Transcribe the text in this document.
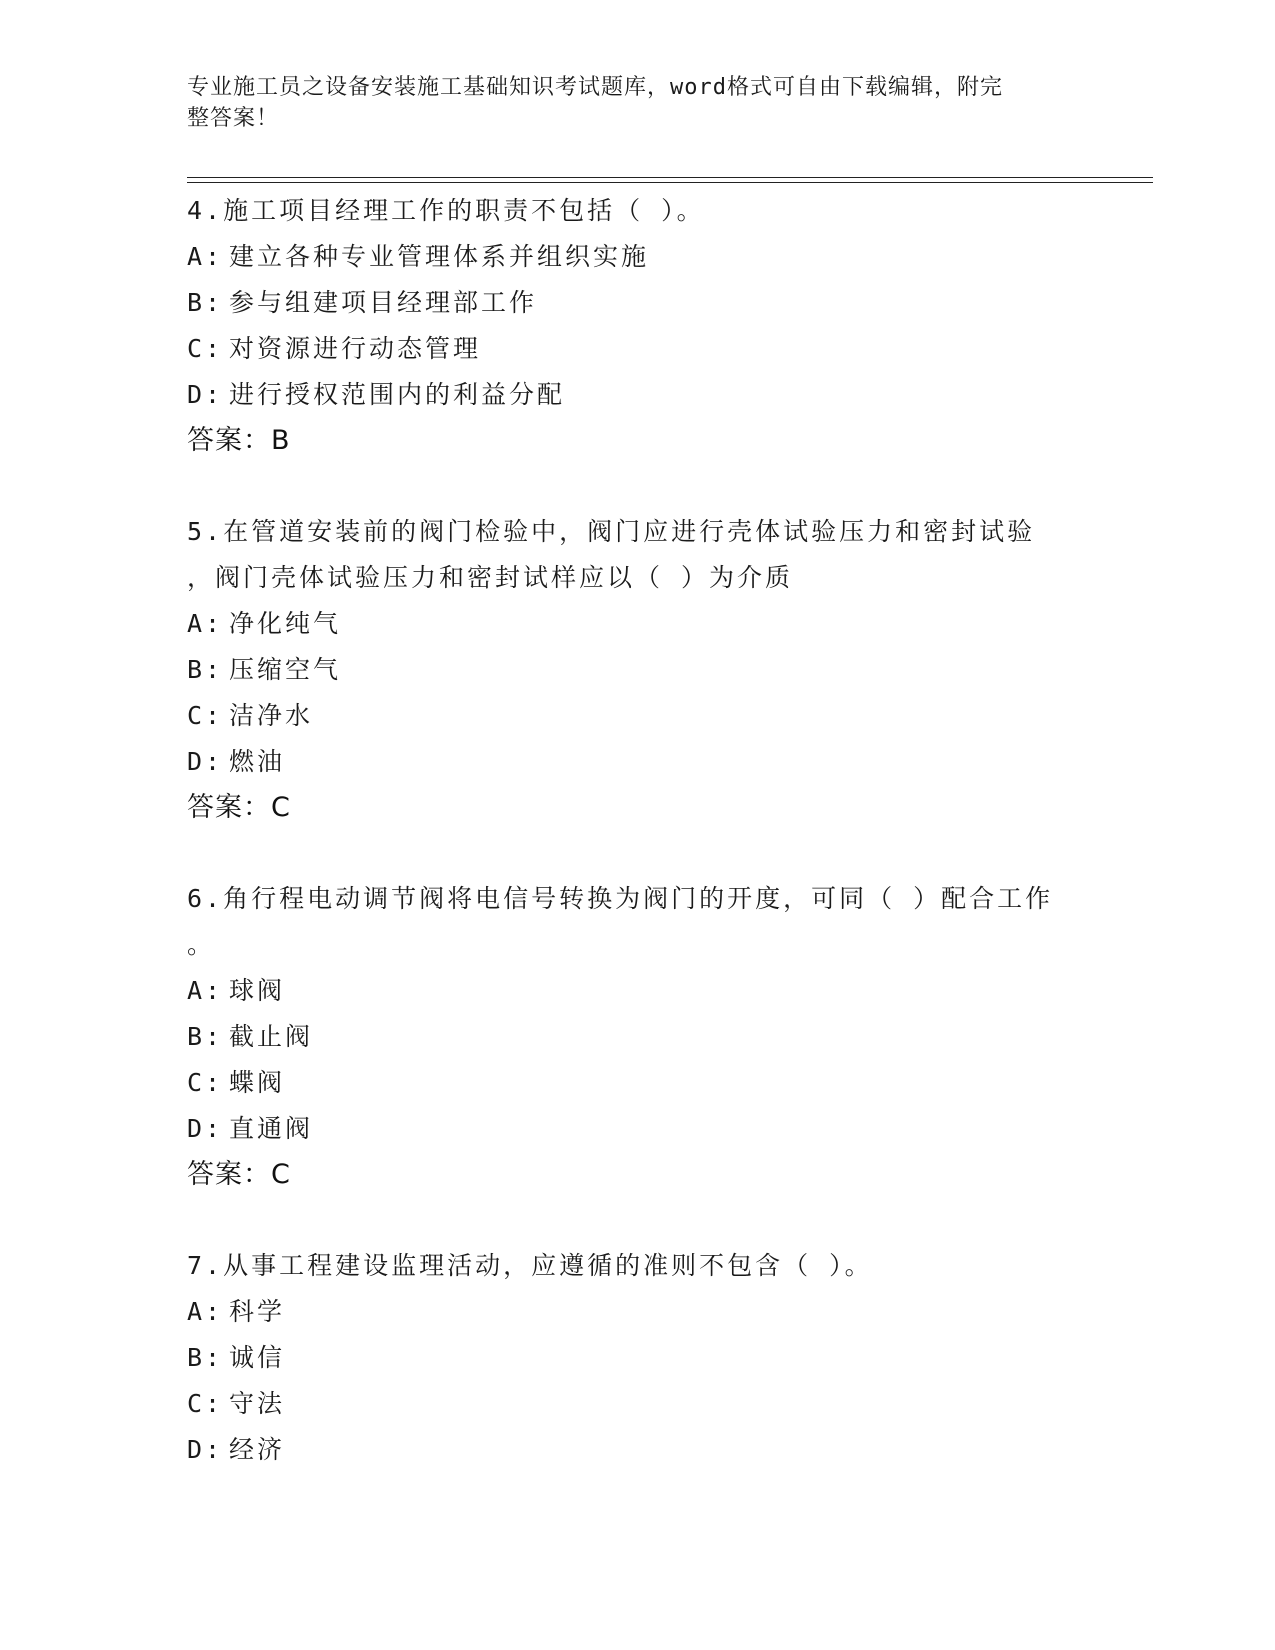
专业施工员之设备安装施工基础知识考试题库，word格式可自由下载编辑，附完
整答案！
4.施工项目经理工作的职责不包括（ ）。
A: 建立各种专业管理体系并组织实施
B: 参与组建项目经理部工作
C: 对资源进行动态管理
D: 进行授权范围内的利益分配
答案：B
5.在管道安装前的阀门检验中，阀门应进行壳体试验压力和密封试验
，阀门壳体试验压力和密封试样应以（ ）为介质
A: 净化纯气
B: 压缩空气
C: 洁净水
D: 燃油
答案：C
6.角行程电动调节阀将电信号转换为阀门的开度，可同（ ）配合工作
。
A: 球阀
B: 截止阀
C: 蝶阀
D: 直通阀
答案：C
7.从事工程建设监理活动，应遵循的准则不包含（ ）。
A: 科学
B: 诚信
C: 守法
D: 经济
